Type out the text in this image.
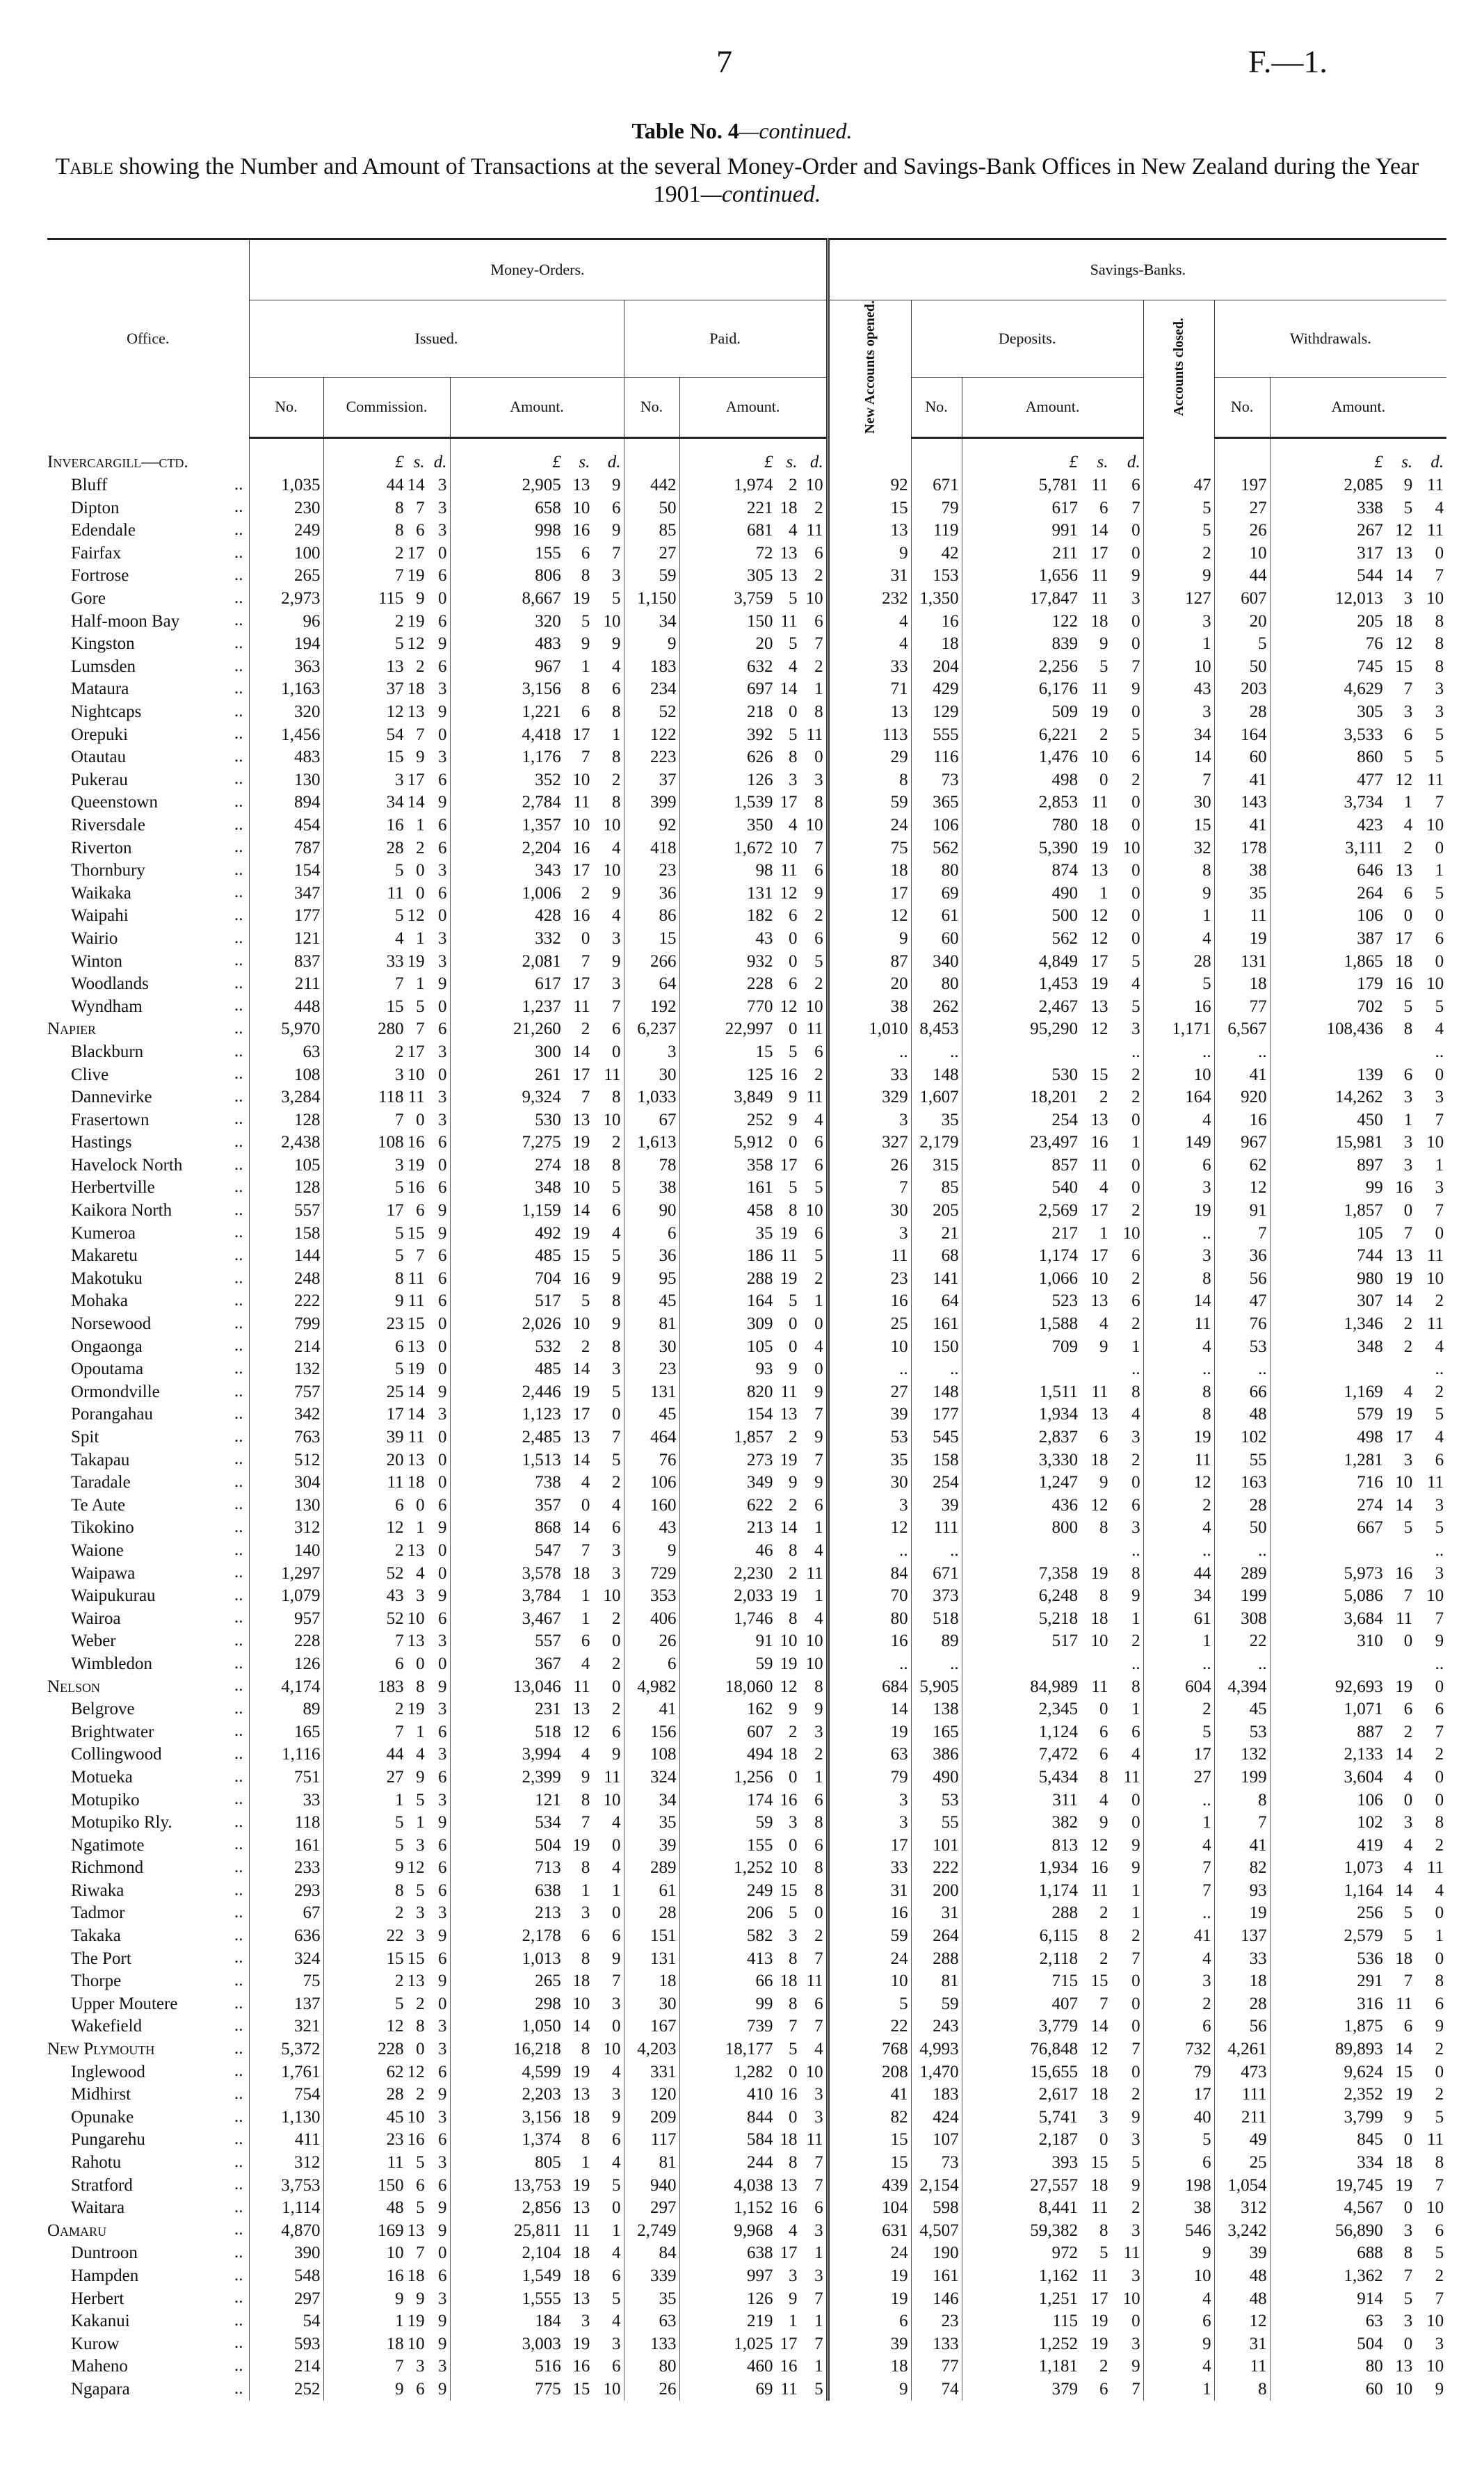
7	F.—1.
Table No. 4—continued.
Table showing the Number and Amount of Transactions at the several Money-Order and Savings-Bank Offices in New Zealand during the Year 1901—continued.
Office.	Money-Orders.					Savings-Banks.					
	Issued.			Paid.		New Accounts opened.	Deposits.		Accounts closed.	Withdrawals.	
	No.	Commission.	Amount.	No.	Amount.		No.	Amount.		No.	Amount.
Invercargill—ctd.		£ s. d.	£ s. d.		£ s. d.			£ s. d.			£ s. d.
Bluff ..	1,035	44 14 3	2,905 13 9	442	1,974 2 10	92	671	5,781 11 6	47	197	2,085 9 11
Dipton ..	230	8 7 3	658 10 6	50	221 18 2	15	79	617 6 7	5	27	338 5 4
Edendale ..	249	8 6 3	998 16 9	85	681 4 11	13	119	991 14 0	5	26	267 12 11
Fairfax ..	100	2 17 0	155 6 7	27	72 13 6	9	42	211 17 0	2	10	317 13 0
Fortrose ..	265	7 19 6	806 8 3	59	305 13 2	31	153	1,656 11 9	9	44	544 14 7
Gore ..	2,973	115 9 0	8,667 19 5	1,150	3,759 5 10	232	1,350	17,847 11 3	127	607	12,013 3 10
Half-moon Bay ..	96	2 19 6	320 5 10	34	150 11 6	4	16	122 18 0	3	20	205 18 8
Kingston ..	194	5 12 9	483 9 9	9	20 5 7	4	18	839 9 0	1	5	76 12 8
Lumsden ..	363	13 2 6	967 1 4	183	632 4 2	33	204	2,256 5 7	10	50	745 15 8
Mataura ..	1,163	37 18 3	3,156 8 6	234	697 14 1	71	429	6,176 11 9	43	203	4,629 7 3
Nightcaps ..	320	12 13 9	1,221 6 8	52	218 0 8	13	129	509 19 0	3	28	305 3 3
Orepuki ..	1,456	54 7 0	4,418 17 1	122	392 5 11	113	555	6,221 2 5	34	164	3,533 6 5
Otautau ..	483	15 9 3	1,176 7 8	223	626 8 0	29	116	1,476 10 6	14	60	860 5 5
Pukerau ..	130	3 17 6	352 10 2	37	126 3 3	8	73	498 0 2	7	41	477 12 11
Queenstown ..	894	34 14 9	2,784 11 8	399	1,539 17 8	59	365	2,853 11 0	30	143	3,734 1 7
Riversdale ..	454	16 1 6	1,357 10 10	92	350 4 10	24	106	780 18 0	15	41	423 4 10
Riverton ..	787	28 2 6	2,204 16 4	418	1,672 10 7	75	562	5,390 19 10	32	178	3,111 2 0
Thornbury ..	154	5 0 3	343 17 10	23	98 11 6	18	80	874 13 0	8	38	646 13 1
Waikaka ..	347	11 0 6	1,006 2 9	36	131 12 9	17	69	490 1 0	9	35	264 6 5
Waipahi ..	177	5 12 0	428 16 4	86	182 6 2	12	61	500 12 0	1	11	106 0 0
Wairio ..	121	4 1 3	332 0 3	15	43 0 6	9	60	562 12 0	4	19	387 17 6
Winton ..	837	33 19 3	2,081 7 9	266	932 0 5	87	340	4,849 17 5	28	131	1,865 18 0
Woodlands ..	211	7 1 9	617 17 3	64	228 6 2	20	80	1,453 19 4	5	18	179 16 10
Wyndham ..	448	15 5 0	1,237 11 7	192	770 12 10	38	262	2,467 13 5	16	77	702 5 5
Napier ..	5,970	280 7 6	21,260 2 6	6,237	22,997 0 11	1,010	8,453	95,290 12 3	1,171	6,567	108,436 8 4
Blackburn ..	63	2 17 3	300 14 0	3	15 5 6	..	..	..	..	..	..
Clive ..	108	3 10 0	261 17 11	30	125 16 2	33	148	530 15 2	10	41	139 6 0
Dannevirke ..	3,284	118 11 3	9,324 7 8	1,033	3,849 9 11	329	1,607	18,201 2 2	164	920	14,262 3 3
Frasertown ..	128	7 0 3	530 13 10	67	252 9 4	3	35	254 13 0	4	16	450 1 7
Hastings ..	2,438	108 16 6	7,275 19 2	1,613	5,912 0 6	327	2,179	23,497 16 1	149	967	15,981 3 10
Havelock North ..	105	3 19 0	274 18 8	78	358 17 6	26	315	857 11 0	6	62	897 3 1
Herbertville ..	128	5 16 6	348 10 5	38	161 5 5	7	85	540 4 0	3	12	99 16 3
Kaikora North ..	557	17 6 9	1,159 14 6	90	458 8 10	30	205	2,569 17 2	19	91	1,857 0 7
Kumeroa ..	158	5 15 9	492 19 4	6	35 19 6	3	21	217 1 10	..	7	105 7 0
Makaretu ..	144	5 7 6	485 15 5	36	186 11 5	11	68	1,174 17 6	3	36	744 13 11
Makotuku ..	248	8 11 6	704 16 9	95	288 19 2	23	141	1,066 10 2	8	56	980 19 10
Mohaka ..	222	9 11 6	517 5 8	45	164 5 1	16	64	523 13 6	14	47	307 14 2
Norsewood ..	799	23 15 0	2,026 10 9	81	309 0 0	25	161	1,588 4 2	11	76	1,346 2 11
Ongaonga ..	214	6 13 0	532 2 8	30	105 0 4	10	150	709 9 1	4	53	348 2 4
Opoutama ..	132	5 19 0	485 14 3	23	93 9 0	..	..	..	..	..	..
Ormondville ..	757	25 14 9	2,446 19 5	131	820 11 9	27	148	1,511 11 8	8	66	1,169 4 2
Porangahau ..	342	17 14 3	1,123 17 0	45	154 13 7	39	177	1,934 13 4	8	48	579 19 5
Spit ..	763	39 11 0	2,485 13 7	464	1,857 2 9	53	545	2,837 6 3	19	102	498 17 4
Takapau ..	512	20 13 0	1,513 14 5	76	273 19 7	35	158	3,330 18 2	11	55	1,281 3 6
Taradale ..	304	11 18 0	738 4 2	106	349 9 9	30	254	1,247 9 0	12	163	716 10 11
Te Aute ..	130	6 0 6	357 0 4	160	622 2 6	3	39	436 12 6	2	28	274 14 3
Tikokino ..	312	12 1 9	868 14 6	43	213 14 1	12	111	800 8 3	4	50	667 5 5
Waione ..	140	2 13 0	547 7 3	9	46 8 4	..	..	..	..	..	..
Waipawa ..	1,297	52 4 0	3,578 18 3	729	2,230 2 11	84	671	7,358 19 8	44	289	5,973 16 3
Waipukurau ..	1,079	43 3 9	3,784 1 10	353	2,033 19 1	70	373	6,248 8 9	34	199	5,086 7 10
Wairoa ..	957	52 10 6	3,467 1 2	406	1,746 8 4	80	518	5,218 18 1	61	308	3,684 11 7
Weber ..	228	7 13 3	557 6 0	26	91 10 10	16	89	517 10 2	1	22	310 0 9
Wimbledon ..	126	6 0 0	367 4 2	6	59 19 10	..	..	..	..	..	..
Nelson ..	4,174	183 8 9	13,046 11 0	4,982	18,060 12 8	684	5,905	84,989 11 8	604	4,394	92,693 19 0
Belgrove ..	89	2 19 3	231 13 2	41	162 9 9	14	138	2,345 0 1	2	45	1,071 6 6
Brightwater ..	165	7 1 6	518 12 6	156	607 2 3	19	165	1,124 6 6	5	53	887 2 7
Collingwood ..	1,116	44 4 3	3,994 4 9	108	494 18 2	63	386	7,472 6 4	17	132	2,133 14 2
Motueka ..	751	27 9 6	2,399 9 11	324	1,256 0 1	79	490	5,434 8 11	27	199	3,604 4 0
Motupiko ..	33	1 5 3	121 8 10	34	174 16 6	3	53	311 4 0	..	8	106 0 0
Motupiko Rly. ..	118	5 1 9	534 7 4	35	59 3 8	3	55	382 9 0	1	7	102 3 8
Ngatimote ..	161	5 3 6	504 19 0	39	155 0 6	17	101	813 12 9	4	41	419 4 2
Richmond ..	233	9 12 6	713 8 4	289	1,252 10 8	33	222	1,934 16 9	7	82	1,073 4 11
Riwaka ..	293	8 5 6	638 1 1	61	249 15 8	31	200	1,174 11 1	7	93	1,164 14 4
Tadmor ..	67	2 3 3	213 3 0	28	206 5 0	16	31	288 2 1	..	19	256 5 0
Takaka ..	636	22 3 9	2,178 6 6	151	582 3 2	59	264	6,115 8 2	41	137	2,579 5 1
The Port ..	324	15 15 6	1,013 8 9	131	413 8 7	24	288	2,118 2 7	4	33	536 18 0
Thorpe ..	75	2 13 9	265 18 7	18	66 18 11	10	81	715 15 0	3	18	291 7 8
Upper Moutere ..	137	5 2 0	298 10 3	30	99 8 6	5	59	407 7 0	2	28	316 11 6
Wakefield ..	321	12 8 3	1,050 14 0	167	739 7 7	22	243	3,779 14 0	6	56	1,875 6 9
New Plymouth ..	5,372	228 0 3	16,218 8 10	4,203	18,177 5 4	768	4,993	76,848 12 7	732	4,261	89,893 14 2
Inglewood ..	1,761	62 12 6	4,599 19 4	331	1,282 0 10	208	1,470	15,655 18 0	79	473	9,624 15 0
Midhirst ..	754	28 2 9	2,203 13 3	120	410 16 3	41	183	2,617 18 2	17	111	2,352 19 2
Opunake ..	1,130	45 10 3	3,156 18 9	209	844 0 3	82	424	5,741 3 9	40	211	3,799 9 5
Pungarehu ..	411	23 16 6	1,374 8 6	117	584 18 11	15	107	2,187 0 3	5	49	845 0 11
Rahotu ..	312	11 5 3	805 1 4	81	244 8 7	15	73	393 15 5	6	25	334 18 8
Stratford ..	3,753	150 6 6	13,753 19 5	940	4,038 13 7	439	2,154	27,557 18 9	198	1,054	19,745 19 7
Waitara ..	1,114	48 5 9	2,856 13 0	297	1,152 16 6	104	598	8,441 11 2	38	312	4,567 0 10
Oamaru ..	4,870	169 13 9	25,811 11 1	2,749	9,968 4 3	631	4,507	59,382 8 3	546	3,242	56,890 3 6
Duntroon ..	390	10 7 0	2,104 18 4	84	638 17 1	24	190	972 5 11	9	39	688 8 5
Hampden ..	548	16 18 6	1,549 18 6	339	997 3 3	19	161	1,162 11 3	10	48	1,362 7 2
Herbert ..	297	9 9 3	1,555 13 5	35	126 9 7	19	146	1,251 17 10	4	48	914 5 7
Kakanui ..	54	1 19 9	184 3 4	63	219 1 1	6	23	115 19 0	6	12	63 3 10
Kurow ..	593	18 10 9	3,003 19 3	133	1,025 17 7	39	133	1,252 19 3	9	31	504 0 3
Maheno ..	214	7 3 3	516 16 6	80	460 16 1	18	77	1,181 2 9	4	11	80 13 10
Ngapara ..	252	9 6 9	775 15 10	26	69 11 5	9	74	379 6 7	1	8	60 10 9
